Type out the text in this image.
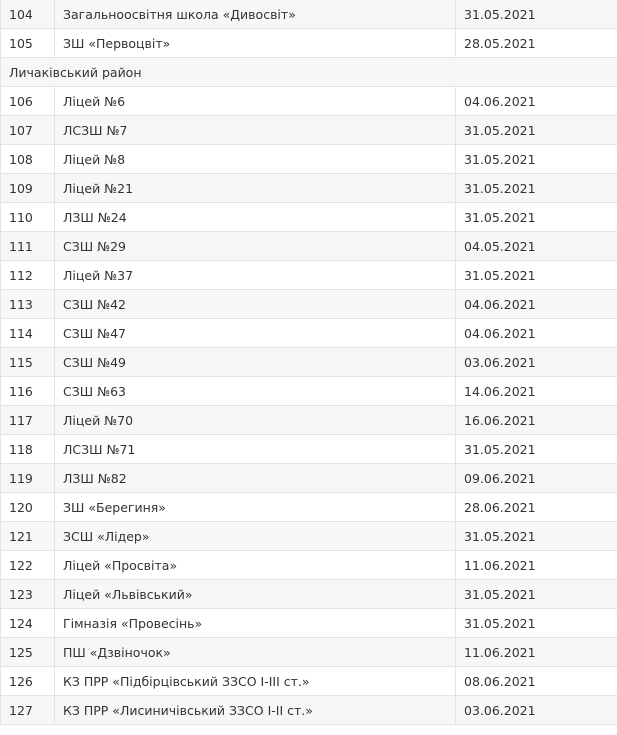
104	Загальноосвітня школа «Дивосвіт»	31.05.2021
105	ЗШ «Первоцвіт»	28.05.2021
Личаківський район		
106	Ліцей №6	04.06.2021
107	ЛСЗШ №7	31.05.2021
108	Ліцей №8	31.05.2021
109	Ліцей №21	31.05.2021
110	ЛЗШ №24	31.05.2021
111	СЗШ №29	04.05.2021
112	Ліцей №37	31.05.2021
113	СЗШ №42	04.06.2021
114	СЗШ №47	04.06.2021
115	СЗШ №49	03.06.2021
116	СЗШ №63	14.06.2021
117	Ліцей №70	16.06.2021
118	ЛСЗШ №71	31.05.2021
119	ЛЗШ №82	09.06.2021
120	ЗШ «Берегиня»	28.06.2021
121	ЗСШ «Лідер»	31.05.2021
122	Ліцей «Просвіта»	11.06.2021
123	Ліцей «Львівський»	31.05.2021
124	Гімназія «Провесінь»	31.05.2021
125	ПШ «Дзвіночок»	11.06.2021
126	КЗ ПРР «Підбірцівський ЗЗСО І-ІІІ ст.»	08.06.2021
127	КЗ ПРР «Лисиничівський ЗЗСО І-ІІ ст.»	03.06.2021
